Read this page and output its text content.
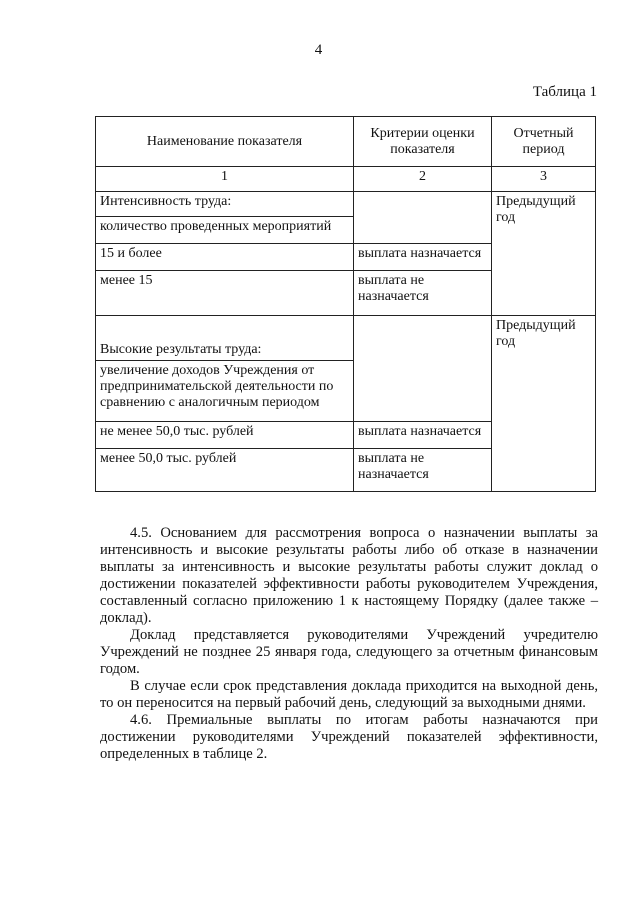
4
Таблица 1
Наименование показателя	Критерии оценки показателя	Отчетный период
1	2	3
Интенсивность труда:		Предыдущий год
количество проведенных мероприятий		
15 и более	выплата назначается	
менее 15	выплата не назначается	
Высокие результаты труда:		Предыдущий год
увеличение доходов Учреждения от предпринимательской деятельности по сравнению с аналогичным периодом		
не менее 50,0 тыс. рублей	выплата назначается	
менее 50,0 тыс. рублей	выплата не назначается	

4.5. Основанием для рассмотрения вопроса о назначении выплаты за интенсивность и высокие результаты работы либо об отказе в назначении выплаты за интенсивность и высокие результаты работы служит доклад о достижении показателей эффективности работы руководителем Учреждения, составленный согласно приложению 1 к настоящему Порядку (далее также – доклад).

Доклад представляется руководителями Учреждений учредителю Учреждений не позднее 25 января года, следующего за отчетным финансовым годом.

В случае если срок представления доклада приходится на выходной день, то он переносится на первый рабочий день, следующий за выходными днями.

4.6. Премиальные выплаты по итогам работы назначаются при достижении руководителями Учреждений показателей эффективности, определенных в таблице 2.
